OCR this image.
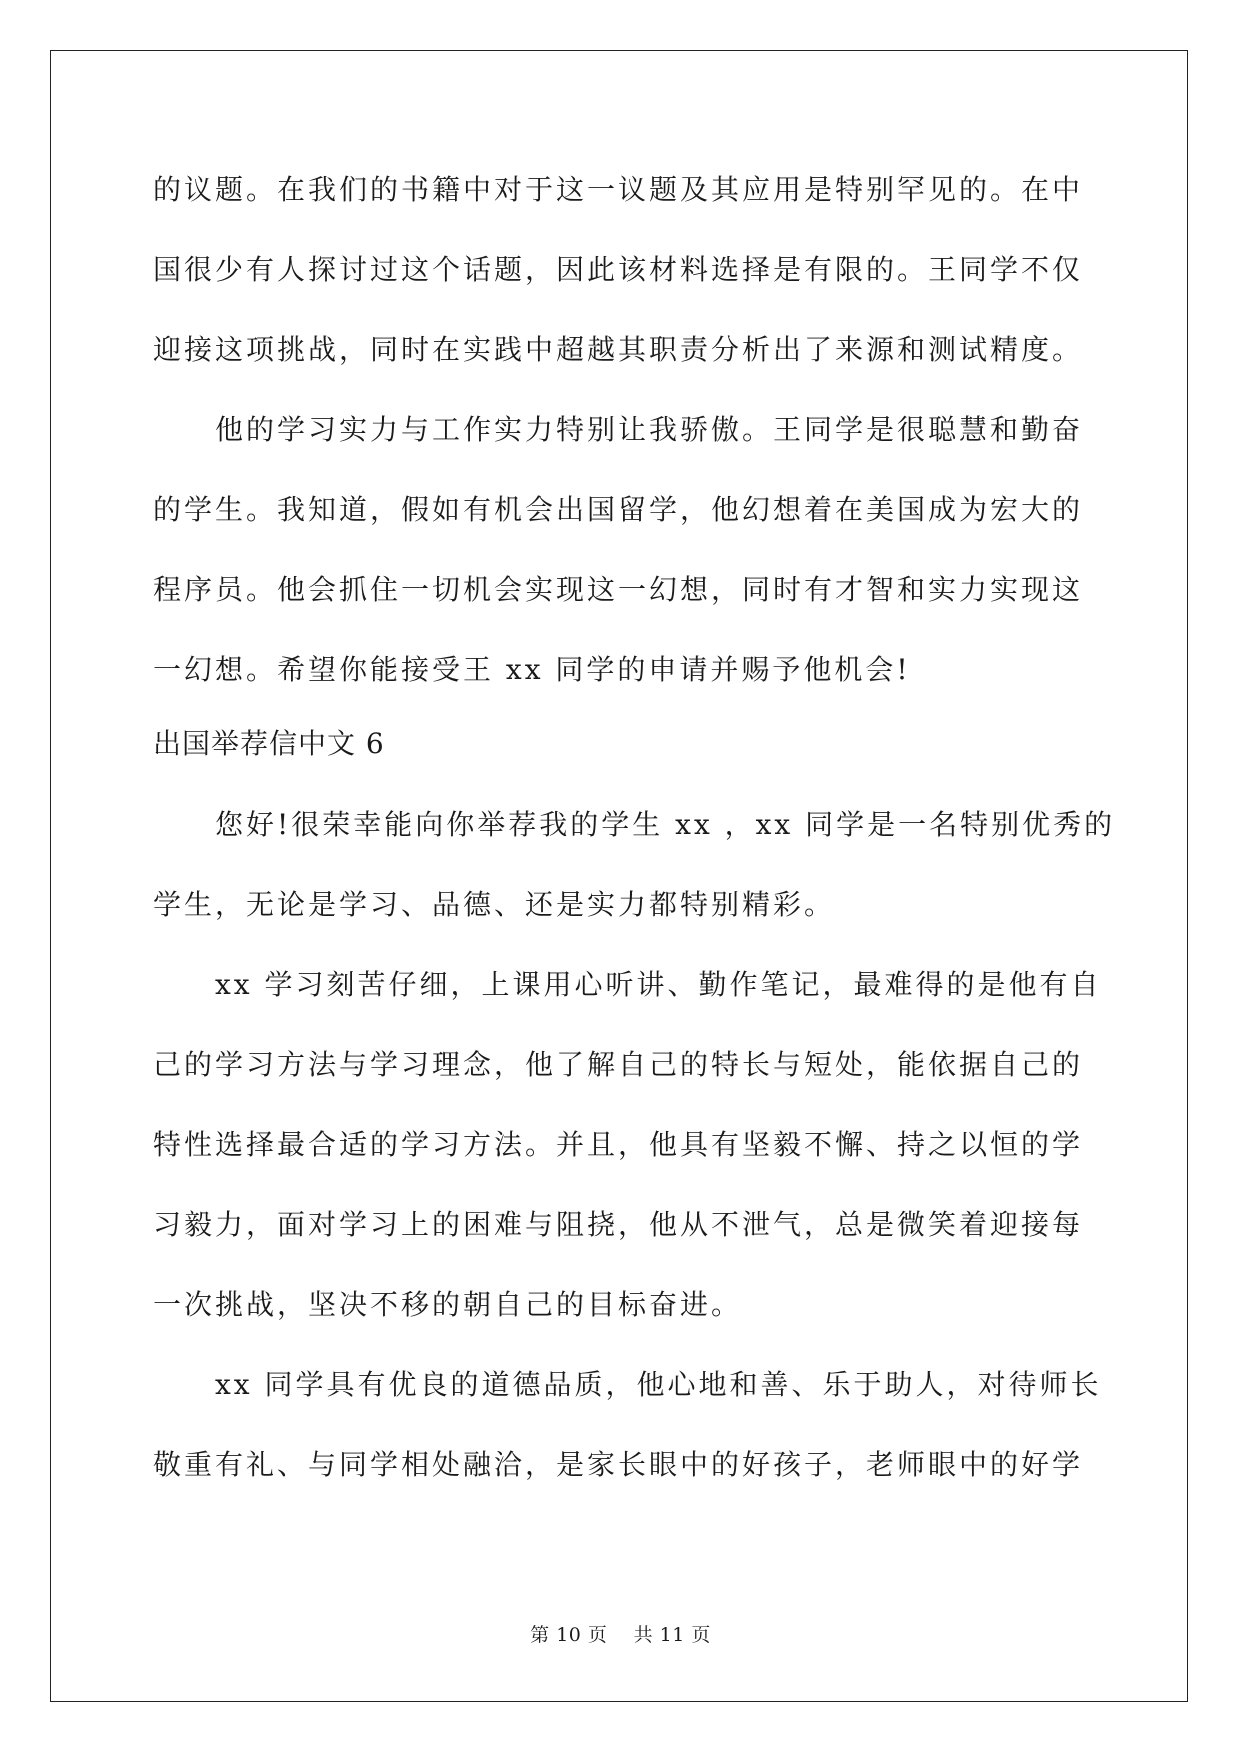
的议题。在我们的书籍中对于这一议题及其应用是特别罕见的。在中
国很少有人探讨过这个话题，因此该材料选择是有限的。王同学不仅
迎接这项挑战，同时在实践中超越其职责分析出了来源和测试精度。
　　他的学习实力与工作实力特别让我骄傲。王同学是很聪慧和勤奋
的学生。我知道，假如有机会出国留学，他幻想着在美国成为宏大的
程序员。他会抓住一切机会实现这一幻想，同时有才智和实力实现这
一幻想。希望你能接受王 xx 同学的申请并赐予他机会!
出国举荐信中文 6
　　您好!很荣幸能向你举荐我的学生 xx ，xx 同学是一名特别优秀的
学生，无论是学习、品德、还是实力都特别精彩。
　　xx 学习刻苦仔细，上课用心听讲、勤作笔记，最难得的是他有自
己的学习方法与学习理念，他了解自己的特长与短处，能依据自己的
特性选择最合适的学习方法。并且，他具有坚毅不懈、持之以恒的学
习毅力，面对学习上的困难与阻挠，他从不泄气，总是微笑着迎接每
一次挑战，坚决不移的朝自己的目标奋进。
　　xx 同学具有优良的道德品质，他心地和善、乐于助人，对待师长
敬重有礼、与同学相处融洽，是家长眼中的好孩子，老师眼中的好学
第 10 页    共 11 页
